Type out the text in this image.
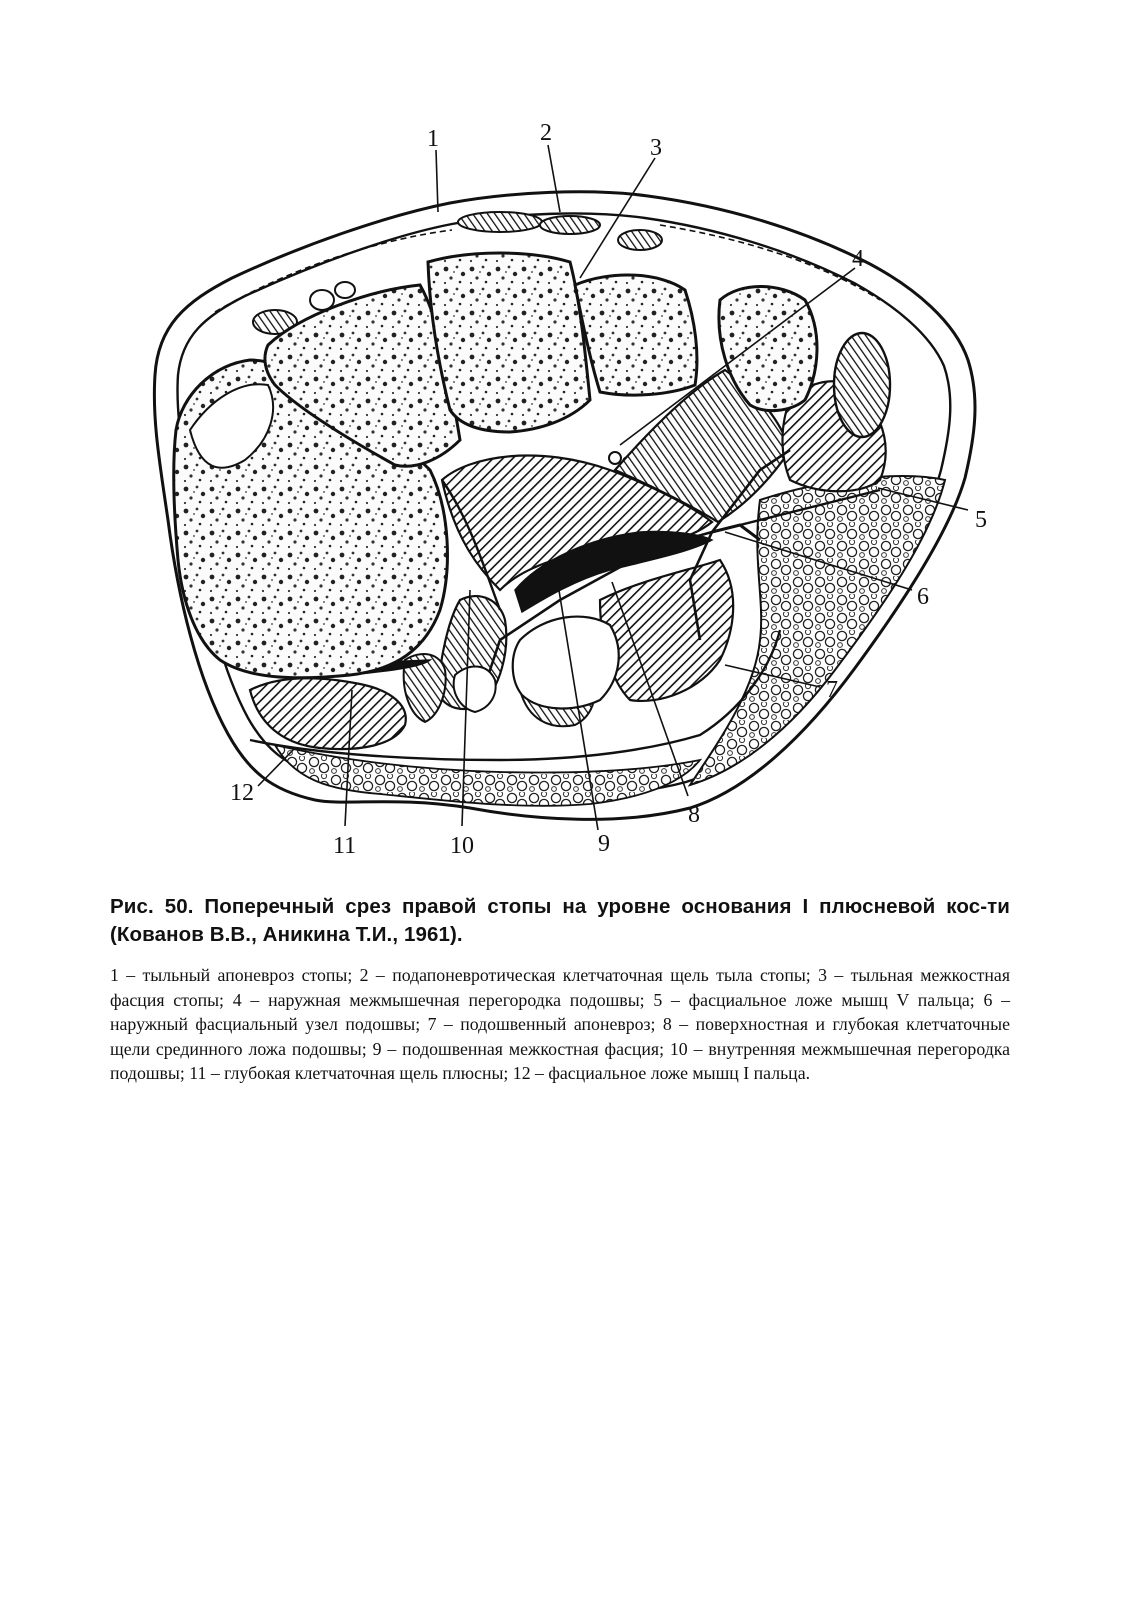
1	2
3
4
5
6
7
8
9
10
11
12

Рис. 50. Поперечный срез правой стопы на уровне основания I плюсневой кос-ти (Кованов В.В., Аникина Т.И., 1961).

1 – тыльный апоневроз стопы; 2 – подапоневротическая клетчаточная щель тыла стопы; 3 – тыльная межкостная фасция стопы; 4 – наружная межмышечная перегородка подошвы; 5 – фасциальное ложе мышц V пальца; 6 – наружный фасциальный узел подошвы; 7 – подошвенный апоневроз; 8 – поверхностная и глубокая клетчаточные щели срединного ложа подошвы; 9 – подошвенная межкостная фасция; 10 – внутренняя межмышечная перегородка подошвы; 11 – глубокая клетчаточная щель плюсны; 12 – фасциальное ложе мышц I пальца.
